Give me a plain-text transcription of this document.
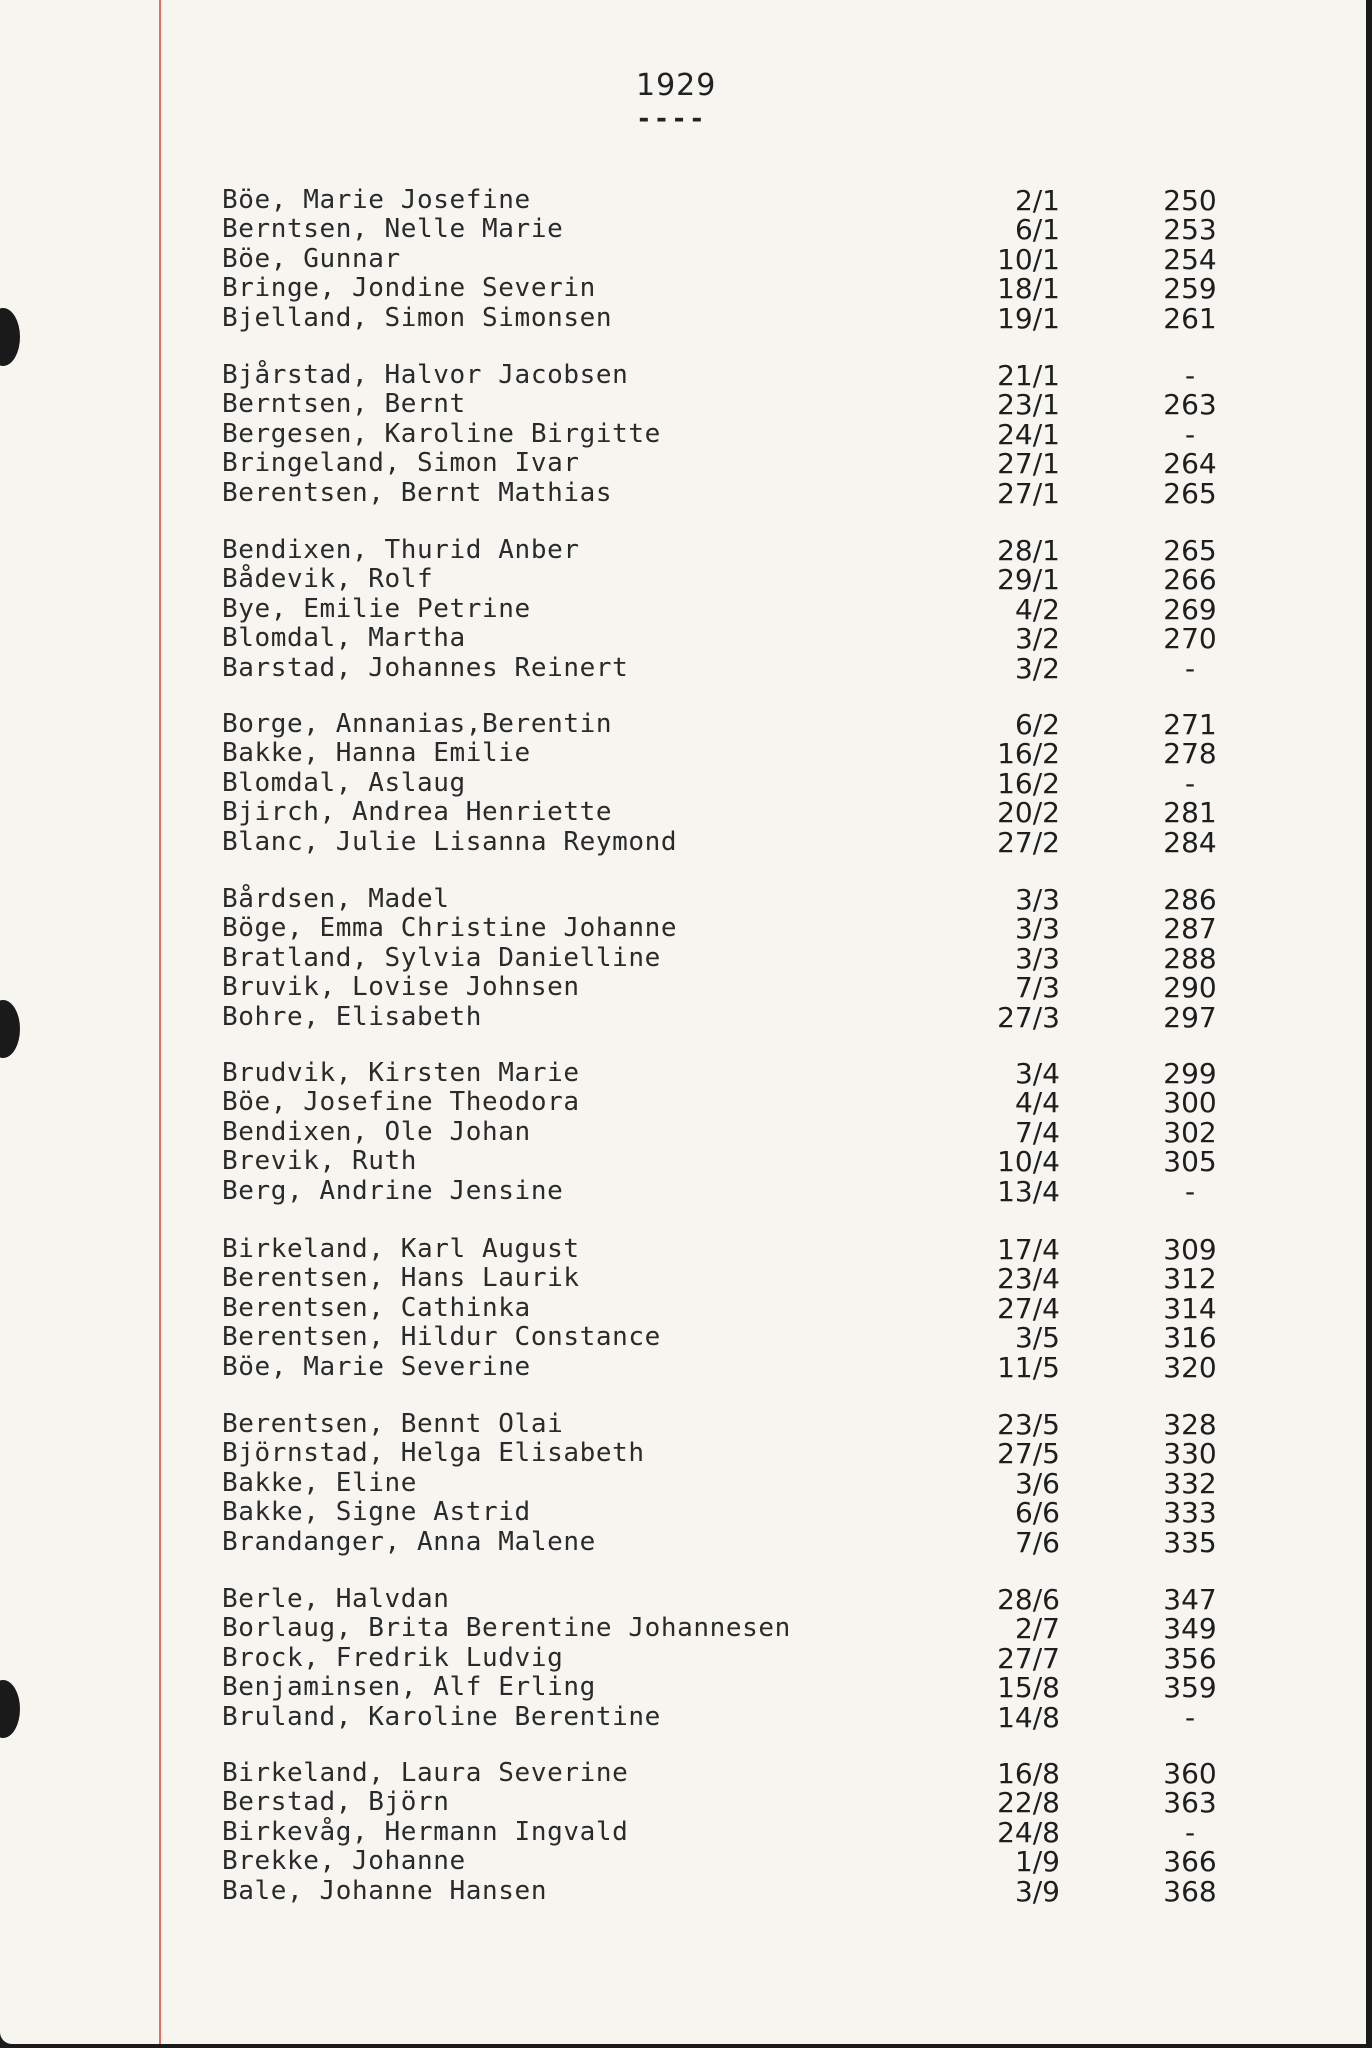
1929
----
Böe, Marie Josefine	2/1	250
Berntsen, Nelle Marie	6/1	253
Böe, Gunnar	10/1	254
Bringe, Jondine Severin	18/1	259
Bjelland, Simon Simonsen	19/1	261
Bjårstad, Halvor Jacobsen	21/1	-
Berntsen, Bernt	23/1	263
Bergesen, Karoline Birgitte	24/1	-
Bringeland, Simon Ivar	27/1	264
Berentsen, Bernt Mathias	27/1	265
Bendixen, Thurid Anber	28/1	265
Bådevik, Rolf	29/1	266
Bye, Emilie Petrine	4/2	269
Blomdal, Martha	3/2	270
Barstad, Johannes Reinert	3/2	-
Borge, Annanias,Berentin	6/2	271
Bakke, Hanna Emilie	16/2	278
Blomdal, Aslaug	16/2	-
Bjirch, Andrea Henriette	20/2	281
Blanc, Julie Lisanna Reymond	27/2	284
Bårdsen, Madel	3/3	286
Böge, Emma Christine Johanne	3/3	287
Bratland, Sylvia Danielline	3/3	288
Bruvik, Lovise Johnsen	7/3	290
Bohre, Elisabeth	27/3	297
Brudvik, Kirsten Marie	3/4	299
Böe, Josefine Theodora	4/4	300
Bendixen, Ole Johan	7/4	302
Brevik, Ruth	10/4	305
Berg, Andrine Jensine	13/4	-
Birkeland, Karl August	17/4	309
Berentsen, Hans Laurik	23/4	312
Berentsen, Cathinka	27/4	314
Berentsen, Hildur Constance	3/5	316
Böe, Marie Severine	11/5	320
Berentsen, Bennt Olai	23/5	328
Björnstad, Helga Elisabeth	27/5	330
Bakke, Eline	3/6	332
Bakke, Signe Astrid	6/6	333
Brandanger, Anna Malene	7/6	335
Berle, Halvdan	28/6	347
Borlaug, Brita Berentine Johannesen	2/7	349
Brock, Fredrik Ludvig	27/7	356
Benjaminsen, Alf Erling	15/8	359
Bruland, Karoline Berentine	14/8	-
Birkeland, Laura Severine	16/8	360
Berstad, Björn	22/8	363
Birkevåg, Hermann Ingvald	24/8	-
Brekke, Johanne	1/9	366
Bale, Johanne Hansen	3/9	368
